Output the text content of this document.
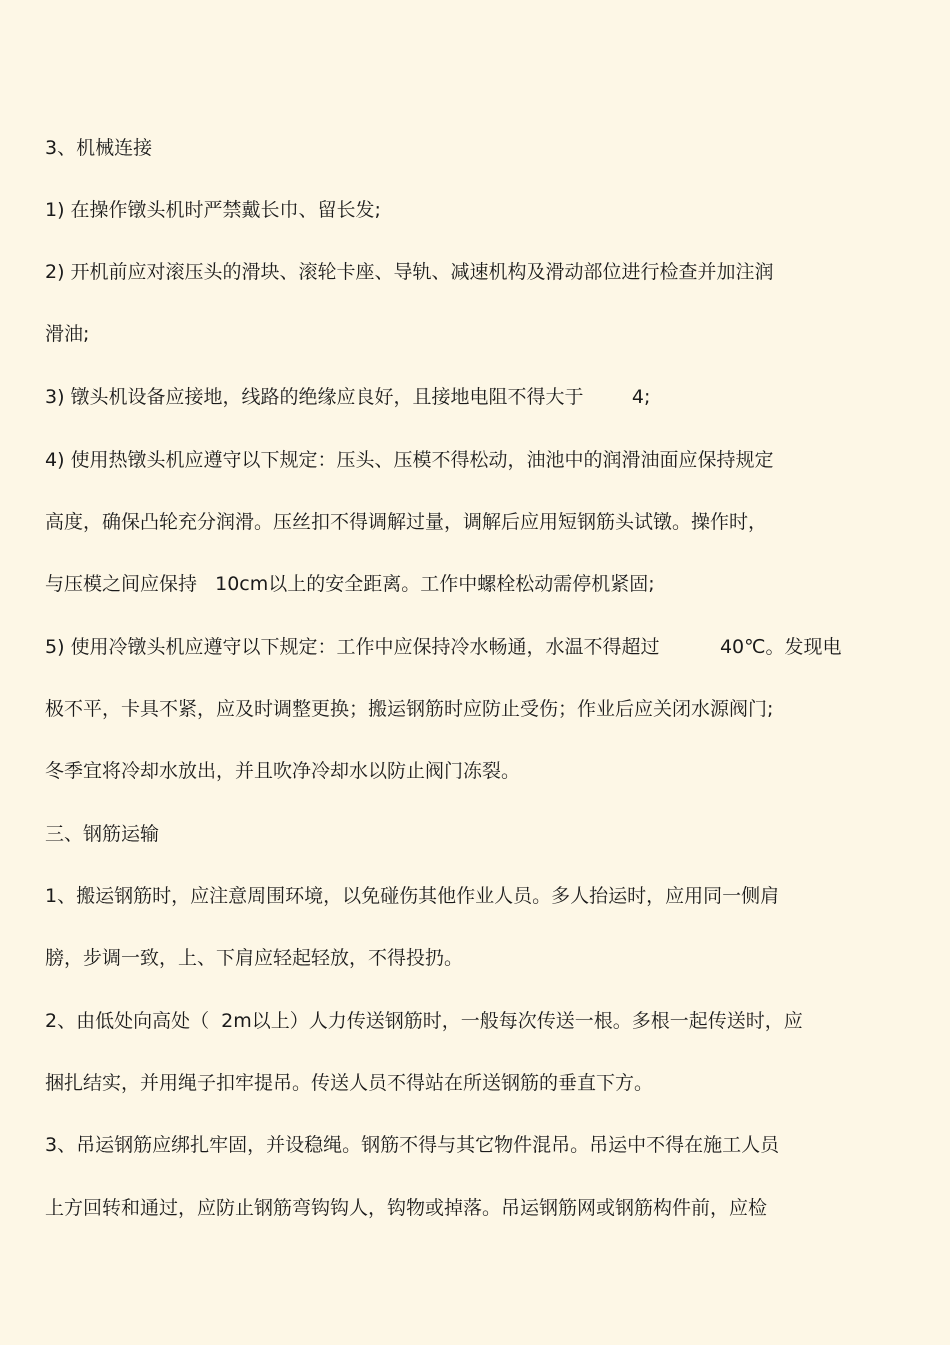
3、机械连接
1) 在操作镦头机时严禁戴长巾、留长发;
2) 开机前应对滚压头的滑块、滚轮卡座、导轨、减速机构及滑动部位进行检查并加注润
滑油;
3) 镦头机设备应接地，线路的绝缘应良好，且接地电阻不得大于        4;
4) 使用热镦头机应遵守以下规定：压头、压模不得松动，油池中的润滑油面应保持规定
高度，确保凸轮充分润滑。压丝扣不得调解过量，调解后应用短钢筋头试镦。操作时，
与压模之间应保持   10cm以上的安全距离。工作中螺栓松动需停机紧固;
5) 使用冷镦头机应遵守以下规定：工作中应保持冷水畅通，水温不得超过          40℃。发现电
极不平，卡具不紧，应及时调整更换；搬运钢筋时应防止受伤；作业后应关闭水源阀门;
冬季宜将冷却水放出，并且吹净冷却水以防止阀门冻裂。
三、钢筋运输
1、搬运钢筋时，应注意周围环境，以免碰伤其他作业人员。多人抬运时，应用同一侧肩
膀，步调一致，上、下肩应轻起轻放，不得投扔。
2、由低处向高处（  2m以上）人力传送钢筋时，一般每次传送一根。多根一起传送时，应
捆扎结实，并用绳子扣牢提吊。传送人员不得站在所送钢筋的垂直下方。
3、吊运钢筋应绑扎牢固，并设稳绳。钢筋不得与其它物件混吊。吊运中不得在施工人员
上方回转和通过，应防止钢筋弯钩钩人，钩物或掉落。吊运钢筋网或钢筋构件前，应检
